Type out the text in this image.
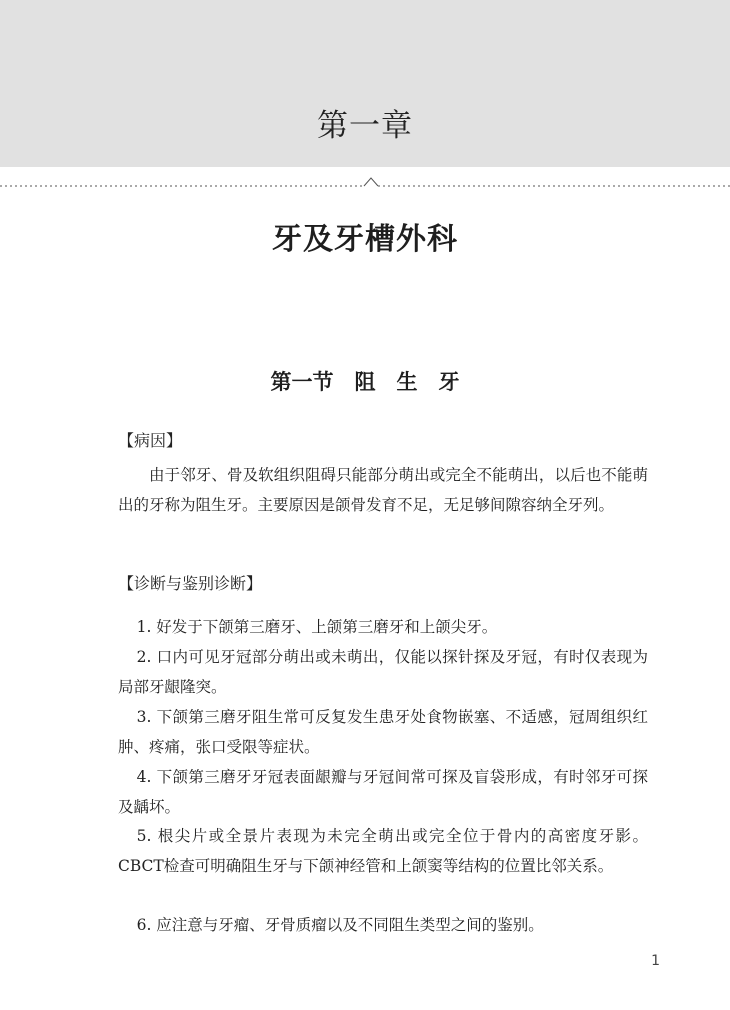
第一章
牙及牙槽外科
第一节　阻　生　牙
【病因】
由于邻牙、骨及软组织阻碍只能部分萌出或完全不能萌出，以后也不能萌出的牙称为阻生牙。主要原因是颌骨发育不足，无足够间隙容纳全牙列。
【诊断与鉴别诊断】
1. 好发于下颌第三磨牙、上颌第三磨牙和上颌尖牙。
2. 口内可见牙冠部分萌出或未萌出，仅能以探针探及牙冠，有时仅表现为局部牙龈隆突。
3. 下颌第三磨牙阻生常可反复发生患牙处食物嵌塞、不适感，冠周组织红肿、疼痛，张口受限等症状。
4. 下颌第三磨牙牙冠表面龈瓣与牙冠间常可探及盲袋形成，有时邻牙可探及龋坏。
5. 根尖片或全景片表现为未完全萌出或完全位于骨内的高密度牙影。CBCT检查可明确阻生牙与下颌神经管和上颌窦等结构的位置比邻关系。
6. 应注意与牙瘤、牙骨质瘤以及不同阻生类型之间的鉴别。
1
